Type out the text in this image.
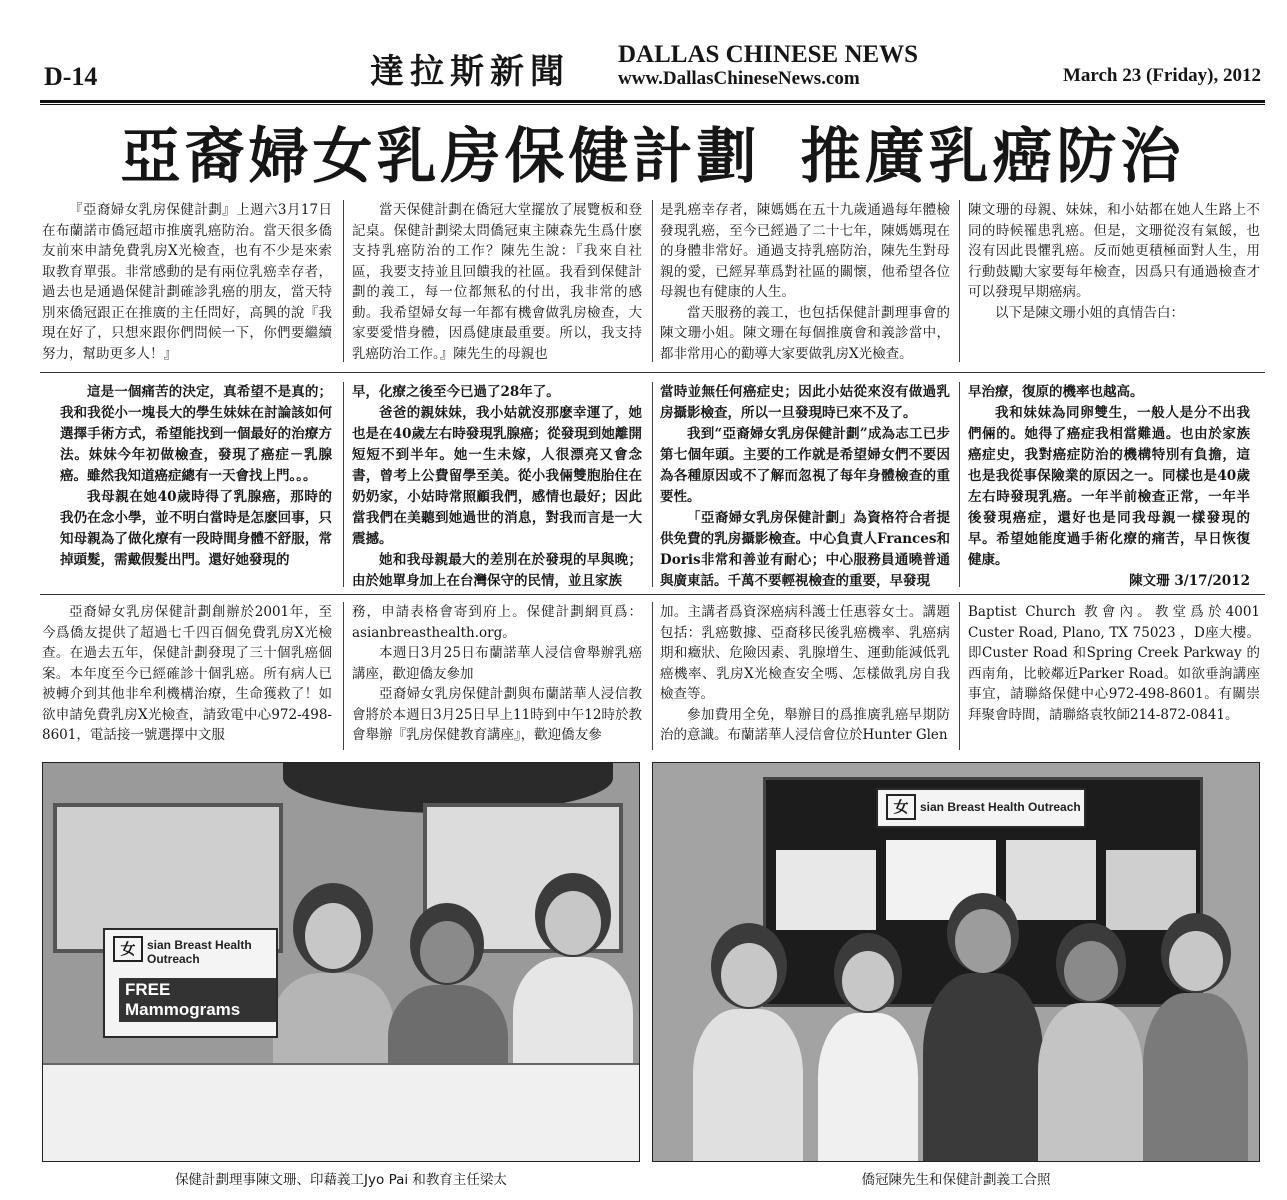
D-14	達拉斯新聞 DALLAS CHINESE NEWS
www.DallasChineseNews.com	March 23 (Friday), 2012
亞裔婦女乳房保健計劃 推廣乳癌防治

『亞裔婦女乳房保健計劃』上週六3月17日在布蘭諾市僑冠超市推廣乳癌防治。當天很多僑友前來申請免費乳房X光檢查，也有不少是來索取教育單張。非常感動的是有兩位乳癌幸存者，過去也是通過保健計劃確診乳癌的朋友，當天特別來僑冠跟正在推廣的主任問好，高興的說『我現在好了，只想來跟你們問候一下，你們要繼續努力，幫助更多人！』

當天保健計劃在僑冠大堂擺放了展覽板和登記桌。保健計劃梁太問僑冠東主陳森先生爲什麽支持乳癌防治的工作？陳先生說：『我來自社區，我要支持並且回饋我的社區。我看到保健計劃的義工，每一位都無私的付出，我非常的感動。我希望婦女每一年都有機會做乳房檢查，大家要愛惜身體，因爲健康最重要。所以，我支持乳癌防治工作。』陳先生的母親也

是乳癌幸存者，陳媽媽在五十九歲通過每年體檢發現乳癌，至今已經過了二十七年，陳媽媽現在的身體非常好。通過支持乳癌防治，陳先生對母親的愛，已經昇華爲對社區的關懷，他希望各位母親也有健康的人生。

當天服務的義工，也包括保健計劃理事會的陳文珊小姐。陳文珊在每個推廣會和義診當中，都非常用心的勸導大家要做乳房X光檢查。

陳文珊的母親、妹妹，和小姑都在她人生路上不同的時候罹患乳癌。但是，文珊從沒有氣餒，也沒有因此畏懼乳癌。反而她更積極面對人生，用行動鼓勵大家要每年檢查，因爲只有通過檢查才可以發現早期癌病。

以下是陳文珊小姐的真情告白：

這是一個痛苦的決定，真希望不是真的；我和我從小一塊長大的學生妹妹在討論該如何選擇手術方式，希望能找到一個最好的治療方法。妹妹今年初做檢查，發現了癌症－乳腺癌。雖然我知道癌症總有一天會找上門。。。

我母親在她40歲時得了乳腺癌，那時的我仍在念小學，並不明白當時是怎麽回事，只知母親為了做化療有一段時間身體不舒服，常掉頭髮，需戴假髮出門。還好她發現的

早，化療之後至今已過了28年了。

爸爸的親妹妹，我小姑就沒那麽幸運了，她也是在40歲左右時發現乳腺癌；從發現到她離開短短不到半年。她一生未嫁，人很漂亮又會念書，曾考上公費留學至美。從小我倆雙胞胎住在奶奶家，小姑時常照顧我們，感情也最好；因此當我們在美聽到她過世的消息，對我而言是一大震撼。

她和我母親最大的差別在於發現的早與晚；由於她單身加上在台灣保守的民情，並且家族

當時並無任何癌症史；因此小姑從來沒有做過乳房攝影檢查，所以一旦發現時已來不及了。

我到“亞裔婦女乳房保健計劃”成為志工已步第七個年頭。主要的工作就是希望婦女們不要因為各種原因或不了解而忽視了每年身體檢查的重要性。

「亞裔婦女乳房保健計劃」為資格符合者提供免費的乳房攝影檢查。中心負責人Frances和Doris非常和善並有耐心；中心服務員通曉普通與廣東話。千萬不要輕視檢查的重要，早發現

早治療，復原的機率也越高。

我和妹妹為同卵雙生，一般人是分不出我們倆的。她得了癌症我相當難過。也由於家族癌症史，我對癌症防治的機構特別有負擔，這也是我從事保險業的原因之一。同樣也是40歲左右時發現乳癌。一年半前檢查正常，一年半後發現癌症，還好也是同我母親一樣發現的早。希望她能度過手術化療的痛苦，早日恢復健康。

陳文珊 3/17/2012

亞裔婦女乳房保健計劃創辦於2001年，至今爲僑友提供了超過七千四百個免費乳房X光檢查。在過去五年，保健計劃發現了三十個乳癌個案。本年度至今已經確診十個乳癌。所有病人已被轉介到其他非牟利機構治療，生命獲救了！如欲申請免費乳房X光檢查，請致電中心972-498-8601，電話接一號選擇中文服

務，申請表格會寄到府上。保健計劃網頁爲：asianbreasthealth.org。

本週日3月25日布蘭諾華人浸信會舉辦乳癌講座，歡迎僑友參加

亞裔婦女乳房保健計劃與布蘭諾華人浸信教會將於本週日3月25日早上11時到中午12時於教會舉辦『乳房保健教育講座』，歡迎僑友參

加。主講者爲資深癌病科護士任惠蓉女士。講題包括：乳癌數據、亞裔移民後乳癌機率、乳癌病期和癥狀、危險因素、乳腺增生、運動能減低乳癌機率、乳房X光檢查安全嗎、怎樣做乳房自我檢查等。

參加費用全免，舉辦目的爲推廣乳癌早期防治的意識。布蘭諾華人浸信會位於Hunter Glen

Baptist Church 教會內。教堂爲於4001 Custer Road, Plano, TX 75023 ，D座大樓。即Custer Road 和Spring Creek Parkway 的西南角，比較鄰近Parker Road。如欲垂詢講座事宜，請聯絡保健中心972-498-8601。有關崇拜聚會時間，請聯絡袁牧師214-872-0841。

女 sian Breast Health Outreach
FREE Mammograms
保健計劃理事陳文珊、印藉義工Jyo Pai 和教育主任梁太
女 sian Breast Health Outreach
僑冠陳先生和保健計劃義工合照
